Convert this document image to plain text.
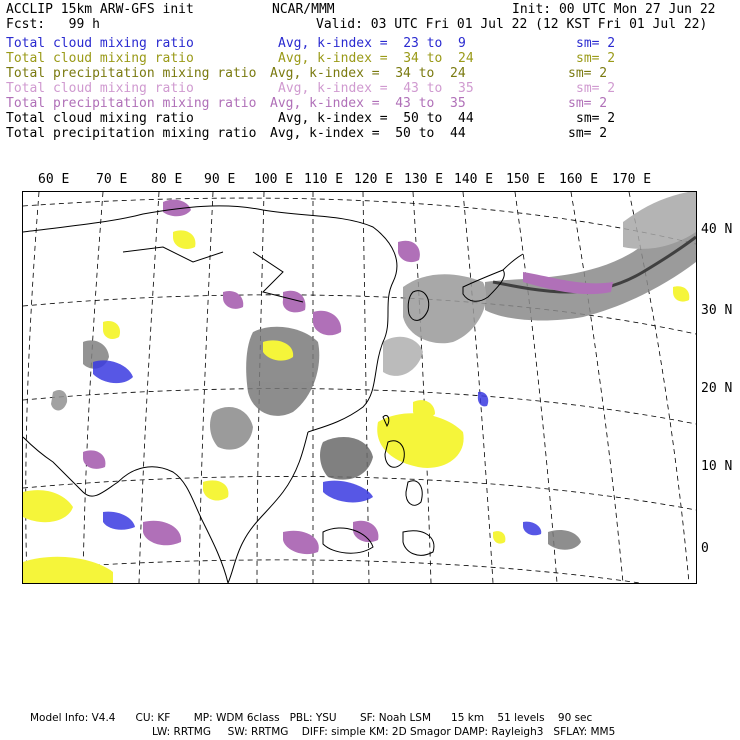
ACCLIP 15km ARW-GFS init	NCAR/MMM	Init: 00 UTC Mon 27 Jun 22
Fcst:   99 h	Valid: 03 UTC Fri 01 Jul 22 (12 KST Fri 01 Jul 22)
Total cloud mixing ratio	Avg, k-index =  23 to  9	sm= 2
Total cloud mixing ratio	Avg, k-index =  34 to  24	sm= 2
Total precipitation mixing ratio Avg, k-index =  34 to  24	sm= 2
Total cloud mixing ratio	Avg, k-index =  43 to  35	sm= 2
Total precipitation mixing ratio Avg, k-index =  43 to  35	sm= 2
Total cloud mixing ratio	Avg, k-index =  50 to  44	sm= 2
Total precipitation mixing ratio Avg, k-index =  50 to  44	sm= 2
60 E 70 E 80 E 90 E 100 E 110 E 120 E 130 E 140 E 150 E 160 E 170 E
40 N
30 N
20 N
10 N
0
Model Info: V4.4      CU: KF       MP: WDM 6class   PBL: YSU       SF: Noah LSM      15 km    51 levels    90 sec
LW: RRTMG     SW: RRTMG    DIFF: simple KM: 2D Smagor DAMP: Rayleigh3   SFLAY: MM5
